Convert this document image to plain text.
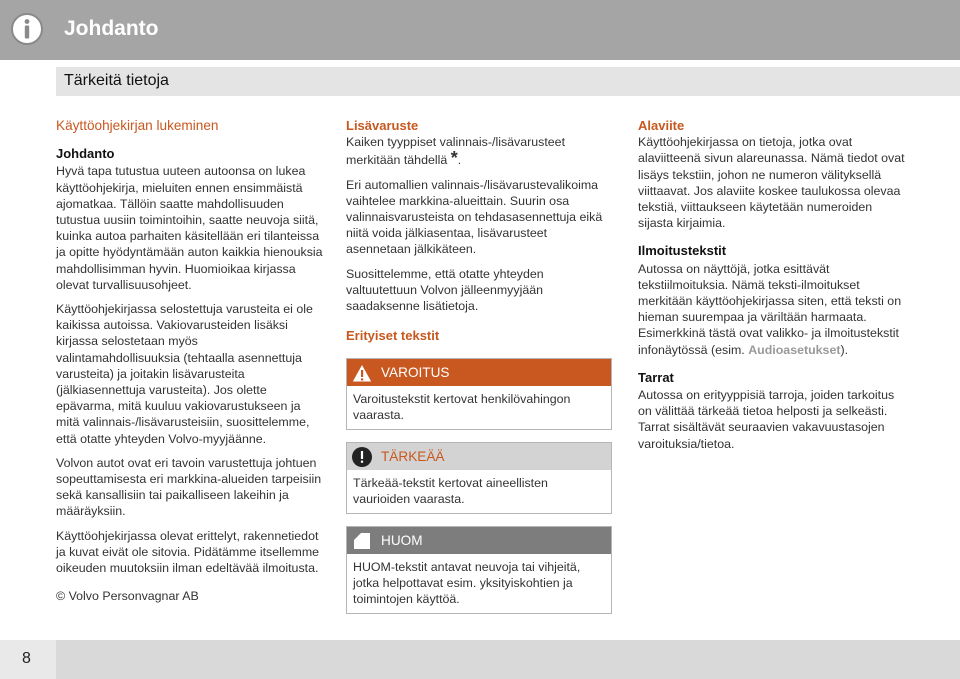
Johdanto
Tärkeitä tietoja
Käyttöohjekirjan lukeminen
Johdanto

Hyvä tapa tutustua uuteen autoonsa on lukea käyttöohjekirja, mieluiten ennen ensimmäistä ajomatkaa. Tällöin saatte mahdollisuuden tutustua uusiin toimintoihin, saatte neuvoja siitä, kuinka autoa parhaiten käsitellään eri tilanteissa ja opitte hyödyntämään auton kaikkia hienouksia mahdollisimman hyvin. Huomioikaa kirjassa olevat turvallisuusohjeet.

Käyttöohjekirjassa selostettuja varusteita ei ole kaikissa autoissa. Vakiovarusteiden lisäksi kirjassa selostetaan myös valintamahdollisuuksia (tehtaalla asennettuja varusteita) ja joitakin lisävarusteita (jälkiasennettuja varusteita). Jos olette epävarma, mitä kuuluu vakiovarustukseen ja mitä valinnais-/lisävarusteisiin, suosittelemme, että otatte yhteyden Volvo-myyjäänne.

Volvon autot ovat eri tavoin varustettuja johtuen sopeuttamisesta eri markkina-alueiden tarpeisiin sekä kansallisiin tai paikalliseen lakeihin ja määräyksiin.

Käyttöohjekirjassa olevat erittelyt, rakennetiedot ja kuvat eivät ole sitovia. Pidätämme itsellemme oikeuden muutoksiin ilman edeltävää ilmoitusta.

© Volvo Personvagnar AB

Lisävaruste

Kaiken tyyppiset valinnais-/lisävarusteet merkitään tähdellä *.

Eri automallien valinnais-/lisävarustevalikoima vaihtelee markkina-alueittain. Suurin osa valinnaisvarusteista on tehdasasennettuja eikä niitä voida jälkiasentaa, lisävarusteet asennetaan jälkikäteen.

Suosittelemme, että otatte yhteyden valtuutettuun Volvon jälleenmyyjään saadaksenne lisätietoja.

Erityiset tekstit
VAROITUS
Varoitustekstit kertovat henkilövahingon vaarasta.
TÄRKEÄÄ
Tärkeää-tekstit kertovat aineellisten vaurioiden vaarasta.
HUOM
HUOM-tekstit antavat neuvoja tai vihjeitä, jotka helpottavat esim. yksityiskohtien ja toimintojen käyttöä.
Alaviite

Käyttöohjekirjassa on tietoja, jotka ovat alaviitteenä sivun alareunassa. Nämä tiedot ovat lisäys tekstiin, johon ne numeron välityksellä viittaavat. Jos alaviite koskee taulukossa olevaa tekstiä, viittaukseen käytetään numeroiden sijasta kirjaimia.

Ilmoitustekstit

Autossa on näyttöjä, jotka esittävät tekstiilmoituksia. Nämä teksti-ilmoitukset merkitään käyttöohjekirjassa siten, että teksti on hieman suurempaa ja väriltään harmaata. Esimerkkinä tästä ovat valikko- ja ilmoitustekstit infonäytössä (esim. Audioasetukset).

Tarrat

Autossa on erityyppisiä tarroja, joiden tarkoitus on välittää tärkeää tietoa helposti ja selkeästi. Tarrat sisältävät seuraavien vakavuustasojen varoituksia/tietoa.

8
